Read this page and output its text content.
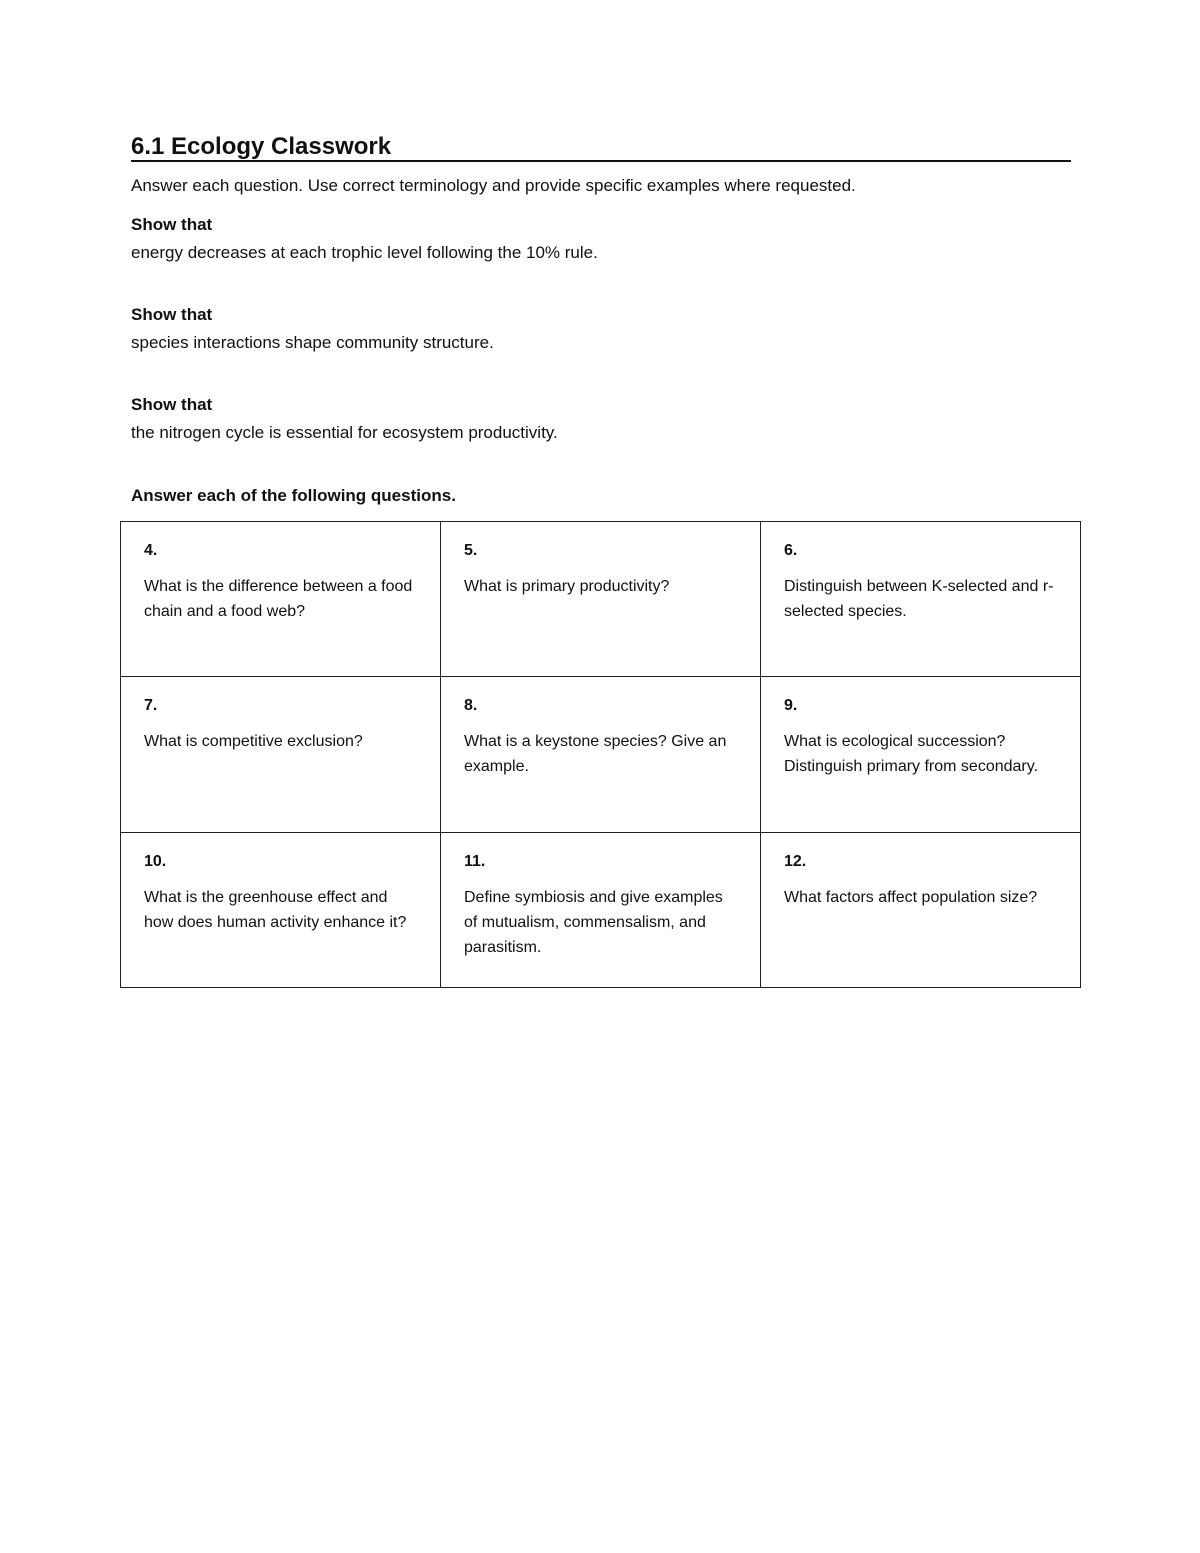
6.1 Ecology Classwork

Answer each question. Use correct terminology and provide specific examples where requested.

Show that
energy decreases at each trophic level following the 10% rule.
Show that
species interactions shape community structure.
Show that
the nitrogen cycle is essential for ecosystem productivity.
Answer each of the following questions.
4.
What is the difference between a food chain and a food web?	5.
What is primary productivity?	6.
Distinguish between K-selected and r-selected species.

7.
What is competitive exclusion?	8.
What is a keystone species? Give an example.	9.
What is ecological succession? Distinguish primary from secondary.

10.
What is the greenhouse effect and how does human activity enhance it?	11.
Define symbiosis and give examples of mutualism, commensalism, and parasitism.	12.
What factors affect population size?
